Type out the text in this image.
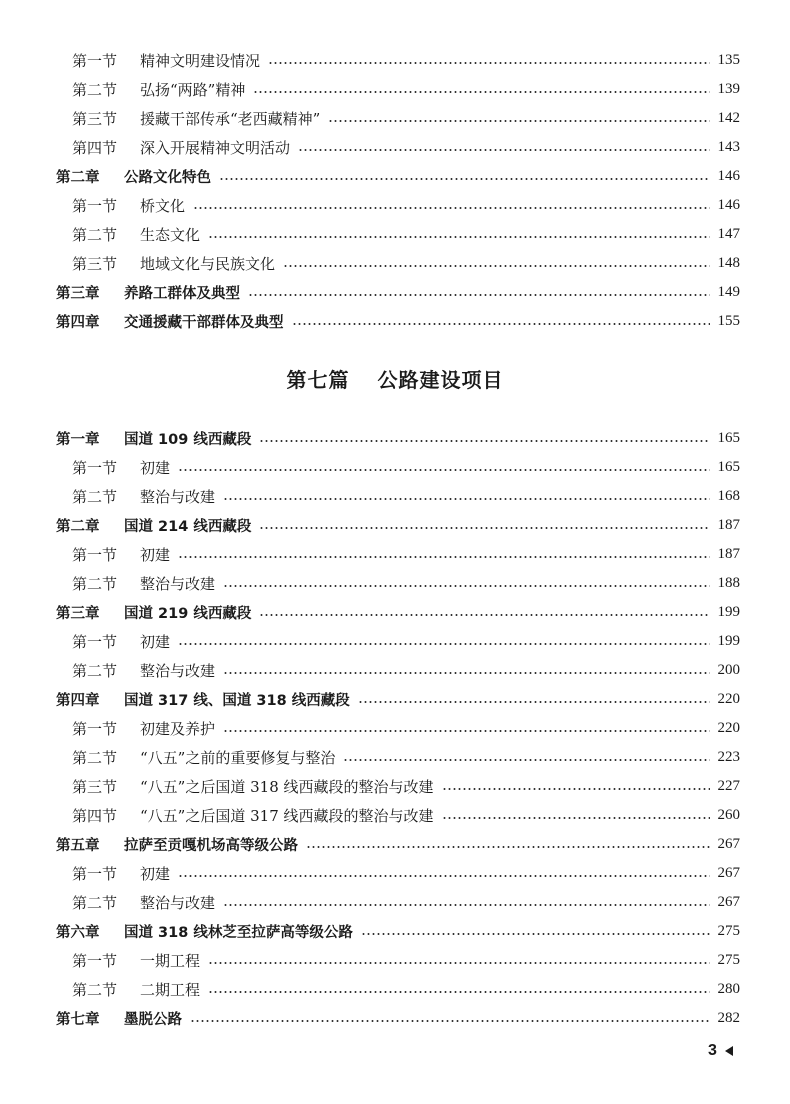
第一节	精神文明建设情况	135
第二节	弘扬“两路”精神	139
第三节	援藏干部传承“老西藏精神”	142
第四节	深入开展精神文明活动	143
第二章	公路文化特色	146
第一节	桥文化	146
第二节	生态文化	147
第三节	地域文化与民族文化	148
第三章	养路工群体及典型	149
第四章	交通援藏干部群体及典型	155
第七篇 公路建设项目
第一章	国道 109 线西藏段	165
第一节	初建	165
第二节	整治与改建	168
第二章	国道 214 线西藏段	187
第一节	初建	187
第二节	整治与改建	188
第三章	国道 219 线西藏段	199
第一节	初建	199
第二节	整治与改建	200
第四章	国道 317 线、国道 318 线西藏段	220
第一节	初建及养护	220
第二节	“八五”之前的重要修复与整治	223
第三节	“八五”之后国道 318 线西藏段的整治与改建	227
第四节	“八五”之后国道 317 线西藏段的整治与改建	260
第五章	拉萨至贡嘎机场高等级公路	267
第一节	初建	267
第二节	整治与改建	267
第六章	国道 318 线林芝至拉萨高等级公路	275
第一节	一期工程	275
第二节	二期工程	280
第七章	墨脱公路	282
3
